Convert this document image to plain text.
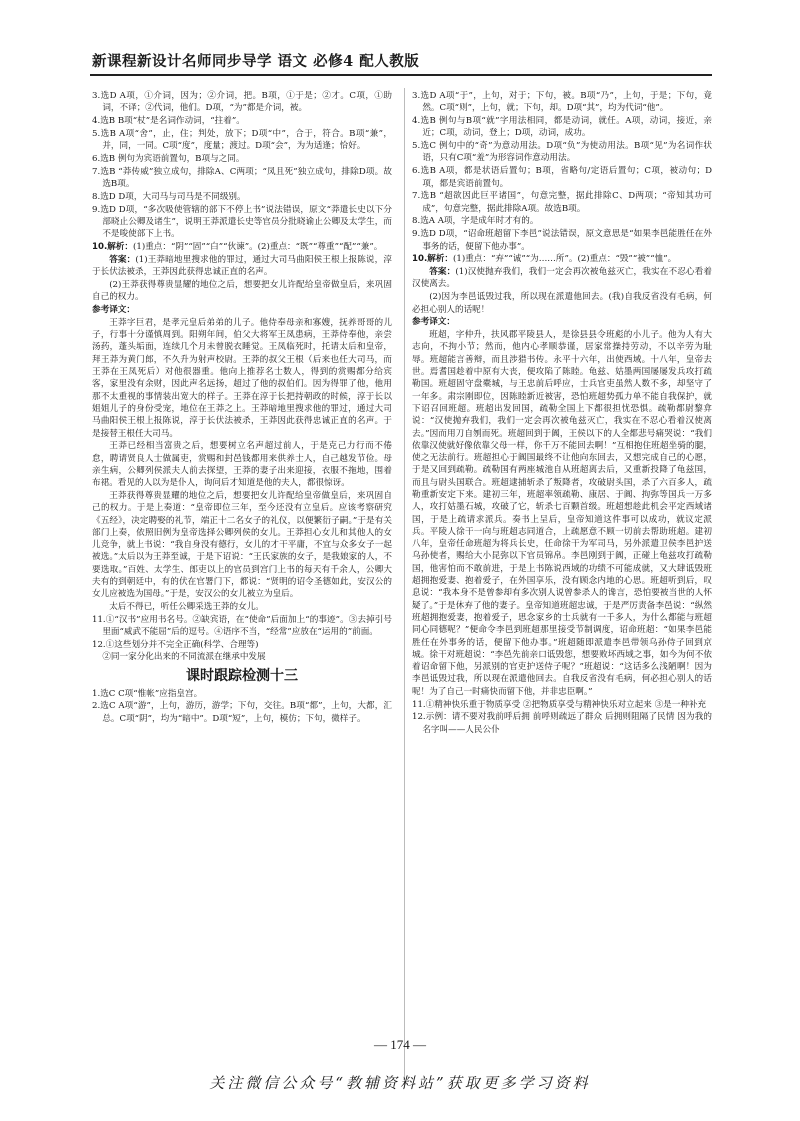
新课程新设计名师同步导学 语文 必修4 配人教版
3.选D A项，①介词，因为；②介词，把。B项，①于是；②才。C项，①助词，不译；②代词，他们。D项，“为”都是介词，被。
4.选B B项“杖”是名词作动词，“拄着”。
5.选B A项“舍”，止，住；判处，放下；D项“中”，合于，符合。B项“兼”，并，同，一同。C项“度”，度量；渡过。D项“会”，为为适逢；恰好。
6.选B 例句为宾语前置句，B项与之同。
7.选B “莽传威”独立成句，排除A、C两项；“凤且死”独立成句，排除D项。故选B项。
8.选D D项，大司马与司马是不同级别。
9.选D D项，“多次吸使管辖的部下不停上书”说法错误，原文“莽遣长史以下分部晓止公卿及诸生”，说明王莽派遣长史等官员分批晓谕止公卿及太学生，而不是唆使部下上书。
10.解析：(1)重点：“阴”“固”“白”“伙谏”。(2)重点：“既”“尊重”“配”“兼”。
答案：(1)王莽暗地里搜求他的罪过，通过大司马曲阳侯王根上报陈说，淳于长伏法被杀，王莽因此获得忠诚正直的名声。
(2)王莽获得尊贵显耀的地位之后，想要把女儿许配给皇帝做皇后，来巩固自己的权力。
参考译文：
王莽字巨君，是孝元皇后弟弟的儿子。他侍奉母亲和寡嫂，抚养哥哥的儿子，行事十分谨慎周到。阳朔年间，伯父大将军王凤患病，王莽侍奉他，亲尝汤药，蓬头垢面，连续几个月未曾脱衣睡觉。王凤临死时，托请太后和皇帝，拜王莽为黄门郎，不久升为射声校尉。王莽的叔父王根（后来也任大司马，而王莽在王凤死后）对他很器重。他向上推荐名士数人，得到的赏赐都分给宾客，家里没有余财，因此声名远扬，超过了他的叔伯们。因为得罪了他，他用那不太重视的事情装出宽大的样子。王莽在淳于长把持朝政的时候，淳于长以姐姐儿子的身份受宠，地位在王莽之上。王莽暗地里搜求他的罪过，通过大司马曲阳侯王根上报陈说，淳于长伏法被杀，王莽因此获得忠诚正直的名声。于是接替王根任大司马。
王莽已经相当富贵之后，想要树立名声超过前人，于是克己力行而不倦怠，聘请贤良人士做属吏，赏赐和封邑钱都用来供养士人，自己越发节俭。母亲生病，公卿列侯派夫人前去探望，王莽的妻子出来迎接，衣服不拖地，围着布裙。看见的人以为是仆人，询问后才知道是他的夫人，都很惊讶。
王莽获得尊贵显耀的地位之后，想要把女儿许配给皇帝做皇后，来巩固自己的权力。于是上奏道：“皇帝即位三年，至今还没有立皇后。应该考察研究《五经》，决定聘娶的礼节，端正十二名女子的礼仪，以便繁衍子嗣。”于是有关部门上奏，依照旧例为皇帝选择公卿列侯的女儿。王莽担心女儿和其他人的女儿竞争，就上书说：“我自身没有德行，女儿的才干平庸，不宜与众多女子一起被选。”太后以为王莽至诚，于是下诏说：“王氏家族的女子，是我娘家的人，不要选取。”百姓、太学生、郎吏以上的官员到宫门上书的每天有千余人，公卿大夫有的到朝廷中，有的伏在官署门下，都说：“贤明的诏令圣德如此，安汉公的女儿应被选为国母。”于是，安汉公的女儿被立为皇后。
太后不得已，听任公卿采选王莽的女儿。
11.①“汉书”应用书名号。②缺宾语，在“使命”后面加上“的事迹”。③去掉引号里面“威武不能屈”后的逗号。④语序不当，“经常”应放在“运用的”前面。
12.①这些划分并不完全正确(科学、合理等)
②同一家分化出来的不同流派在继承中发展
课时跟踪检测十三
1.选C C项“惟帐”应指皇宫。
2.选C A项“游”，上句，游历，游学；下句，交往。B项“都”，上句，大都，汇总。C项“阴”，均为“暗中”。D项“短”，上句，模仿；下句，微样子。
3.选D A项“于”，上句，对于；下句，被。B项“乃”，上句，于是；下句，竟然。C项“则”，上句，就；下句，却。D项“其”，均为代词“他”。
4.选B 例句与B项“就”字用法相同，都是动词，就任。A项，动词，接近，亲近；C项，动词，登上；D项，动词，成功。
5.选C 例句中的“奇”为意动用法。D项“负”为使动用法。B项“见”为名词作状语，只有C项“羞”为形容词作意动用法。
6.选B A项，都是状语后置句；B项，省略句/定语后置句；C项，被动句；D项，都是宾语前置句。
7.选B “超欲因此巨平诸国”，句意完整，据此排除C、D两项；“帝知其功可成”，句意完整，据此排除A项。故选B项。
8.选A A项，字是成年时才有的。
9.选D D项，“诏命班超留下李邑”说法错误，原文意思是“如果李邑能胜任在外事务的话，便留下他办事”。
10.解析：(1)重点：“弃”“诚”“为……所”。(2)重点：“毁”“被”“恤”。
答案：(1)汉使抛弃我们，我们一定会再次被龟兹灭亡，我实在不忍心看着汉使离去。
(2)因为李邑诋毁过我，所以现在派遣他回去。(我)自我反省没有毛病，何必担心别人的话呢！
参考译文：
班超，字仲升，扶风郡平陵县人，是徐县县令班彪的小儿子。他为人有大志向，不拘小节；然而，他内心孝顺恭谨，居家常操持劳动，不以辛劳为耻辱。班超能言善辩，而且涉猎书传。永平十六年，出使西域。十八年，皇帝去世。焉耆国趁着中原有大丧，便攻陷了陈睦。龟兹、姑墨两国屡屡发兵攻打疏勒国。班超固守盘橐城，与王忠前后呼应，士兵官吏虽然人数不多，却坚守了一年多。肃宗刚即位，因陈睦新近被害，恐怕班超势孤力单不能自我保护，就下诏召回班超。班超出发回国，疏勒全国上下都很担忧恐惧。疏勒都尉黎弇说：“汉使抛弃我们，我们一定会再次被龟兹灭亡，我实在不忍心看着汉使离去。”因而用刀自刎而死。班超回到于阗，王侯以下的人全都悲号痛哭说：“我们依靠汉使就好像依靠父母一样，你千万不能回去啊！”互相抱住班超坐骑的腿，使之无法前行。班超担心于阗国最终不让他向东回去，又想完成自己的心愿，于是又回到疏勒。疏勒国有两座城池自从班超离去后，又重新投降了龟兹国，而且与尉头国联合。班超逮捕斩杀了叛降者，攻破尉头国，杀了六百多人，疏勒重新安定下来。建初三年，班超率领疏勒、康居、于阗、拘弥等国兵一万多人，攻打姑墨石城，攻破了它，斩杀七百颗首级。班超想趁此机会平定西域诸国，于是上疏请求派兵。奏书上呈后，皇帝知道这件事可以成功，就议定派兵。平陵人徐干一向与班超志同道合，上疏愿意不顾一切前去帮助班超。建初八年，皇帝任命班超为将兵长史，任命徐干为军司马，另外派遣卫侯李邑护送乌孙使者，赐给大小昆弥以下官员锦帛。李邑刚到于阗，正碰上龟兹攻打疏勒国，他害怕而不敢前进，于是上书陈说西域的功绩不可能成就，又大肆诋毁班超拥抱爱妻、抱着爱子，在外国享乐，没有顾念内地的心思。班超听到后，叹息说：“我本身不是曾参却有多次别人说曾参杀人的谗言，恐怕要被当世的人怀疑了。”于是休弃了他的妻子。皇帝知道班超忠诚，于是严厉责备李邑说：“纵然班超拥抱爱妻，抱着爱子，思念家乡的士兵就有一千多人，为什么都能与班超同心同德呢？”便命令李邑到班超那里接受节制调度，诏命班超：“如果李邑能胜任在外事务的话，便留下他办事。”班超随即派遣李邑带领乌孙侍子回到京城。徐干对班超说：“李邑先前亲口诋毁您，想要败坏西域之事，如今为何不依着诏命留下他，另派别的官吏护送侍子呢？”班超说：“这话多么浅陋啊！因为李邑诋毁过我，所以现在派遣他回去。自我反省没有毛病，何必担心别人的话呢！为了自己一时痛快而留下他，并非忠臣啊。”
11.①精神快乐重于物质享受 ②把物质享受与精神快乐对立起来 ③是一种补充
12.示例：请不要对我前呼后拥 前呼则疏远了群众 后拥则阻隔了民情 因为我的名字叫——人民公仆
— 174 —
关注微信公众号“教辅资料站”获取更多学习资料
